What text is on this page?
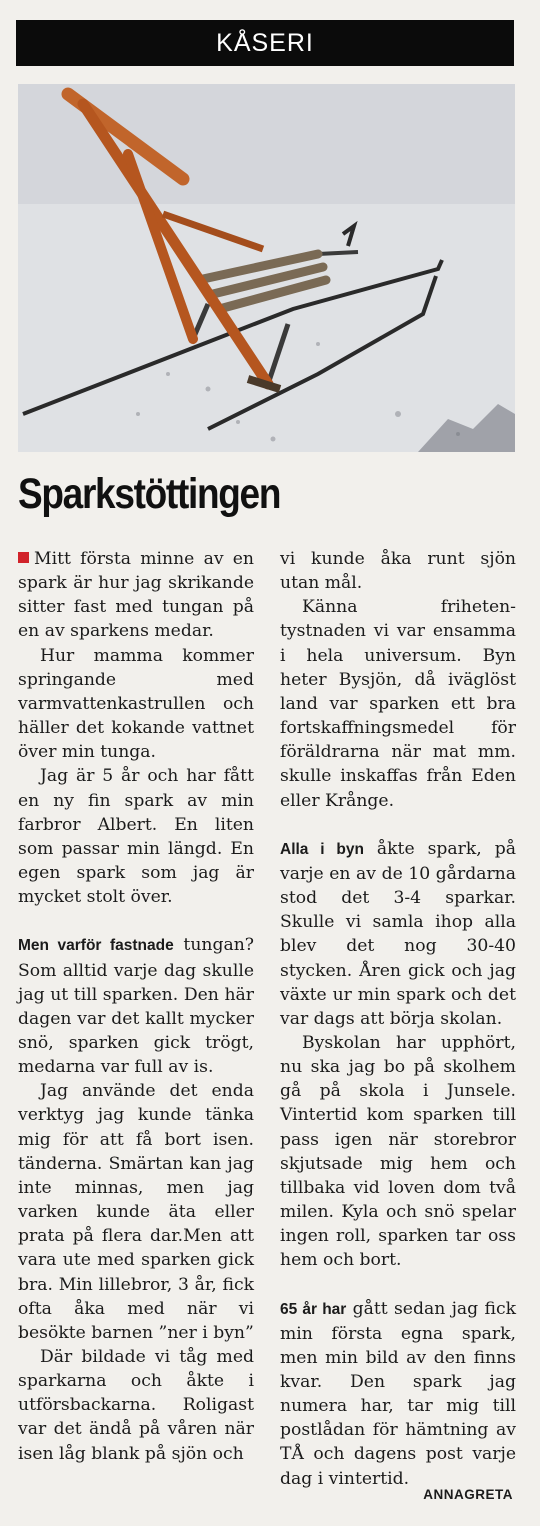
KÅSERI
Sparkstöttingen

Mitt första minne av en spark är hur jag skrikande sitter fast med tungan på en av sparkens medar.

Hur mamma kommer springande med varmvattenkastrullen och häller det kokande vattnet över min tunga.

Jag är 5 år och har fått en ny fin spark av min farbror Albert. En liten som passar min längd. En egen spark som jag är mycket stolt över.

Men varför fastnade tungan? Som alltid varje dag skulle jag ut till sparken. Den här dagen var det kallt mycker snö, sparken gick trögt, medarna var full av is.

Jag använde det enda verktyg jag kunde tänka mig för att få bort isen. tänderna. Smärtan kan jag inte minnas, men jag varken kunde äta eller prata på flera dar.Men att vara ute med sparken gick bra. Min lillebror, 3 år, fick ofta åka med när vi besökte barnen ”ner i byn”

Där bildade vi tåg med sparkarna och åkte i utförsbackarna. Roligast var det ändå på våren när isen låg blank på sjön och

vi kunde åka runt sjön utan mål.

Känna friheten- tystnaden vi var ensamma i hela universum. Byn heter Bysjön, då iväglöst land var sparken ett bra fortskaffningsmedel för föräldrarna när mat mm. skulle inskaffas från Eden eller Krånge.

Alla i byn åkte spark, på varje en av de 10 gårdarna stod det 3-4 sparkar. Skulle vi samla ihop alla blev det nog 30-40 stycken. Åren gick och jag växte ur min spark och det var dags att börja skolan.

Byskolan har upphört, nu ska jag bo på skolhem gå på skola i Junsele. Vintertid kom sparken till pass igen när storebror skjutsade mig hem och tillbaka vid loven dom två milen. Kyla och snö spelar ingen roll, sparken tar oss hem och bort.

65 år har gått sedan jag fick min första egna spark, men min bild av den finns kvar. Den spark jag numera har, tar mig till postlådan för hämtning av TÅ och dagens post varje dag i vintertid.

ANNAGRETA
